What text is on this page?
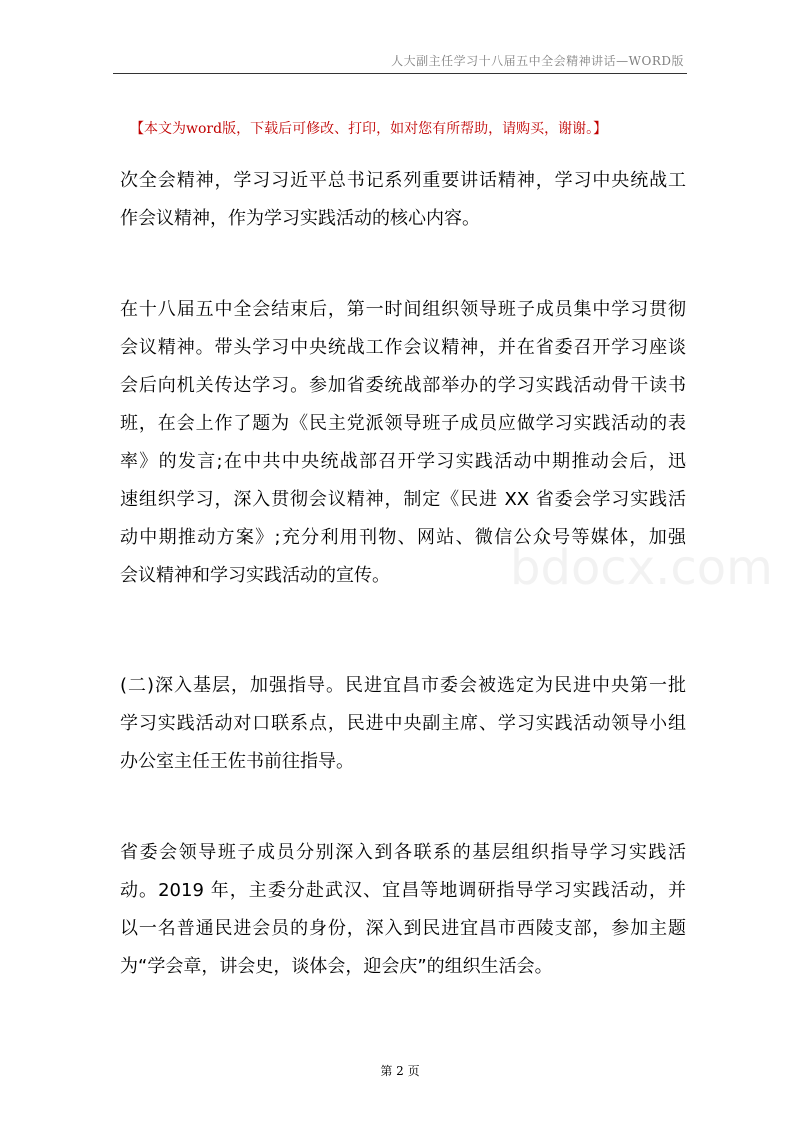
人大副主任学习十八届五中全会精神讲话—WORD版
【本文为word版，下载后可修改、打印，如对您有所帮助，请购买，谢谢。】
bdocx.com
次全会精神，学习习近平总书记系列重要讲话精神，学习中央统战工
作会议精神，作为学习实践活动的核心内容。
在十八届五中全会结束后，第一时间组织领导班子成员集中学习贯彻
会议精神。带头学习中央统战工作会议精神，并在省委召开学习座谈
会后向机关传达学习。参加省委统战部举办的学习实践活动骨干读书
班，在会上作了题为《民主党派领导班子成员应做学习实践活动的表
率》的发言;在中共中央统战部召开学习实践活动中期推动会后，迅
速组织学习，深入贯彻会议精神，制定《民进 XX 省委会学习实践活
动中期推动方案》;充分利用刊物、网站、微信公众号等媒体，加强
会议精神和学习实践活动的宣传。
(二)深入基层，加强指导。民进宜昌市委会被选定为民进中央第一批
学习实践活动对口联系点，民进中央副主席、学习实践活动领导小组
办公室主任王佐书前往指导。
省委会领导班子成员分别深入到各联系的基层组织指导学习实践活
动。2019 年，主委分赴武汉、宜昌等地调研指导学习实践活动，并
以一名普通民进会员的身份，深入到民进宜昌市西陵支部，参加主题
为“学会章，讲会史，谈体会，迎会庆”的组织生活会。
第 2 页
